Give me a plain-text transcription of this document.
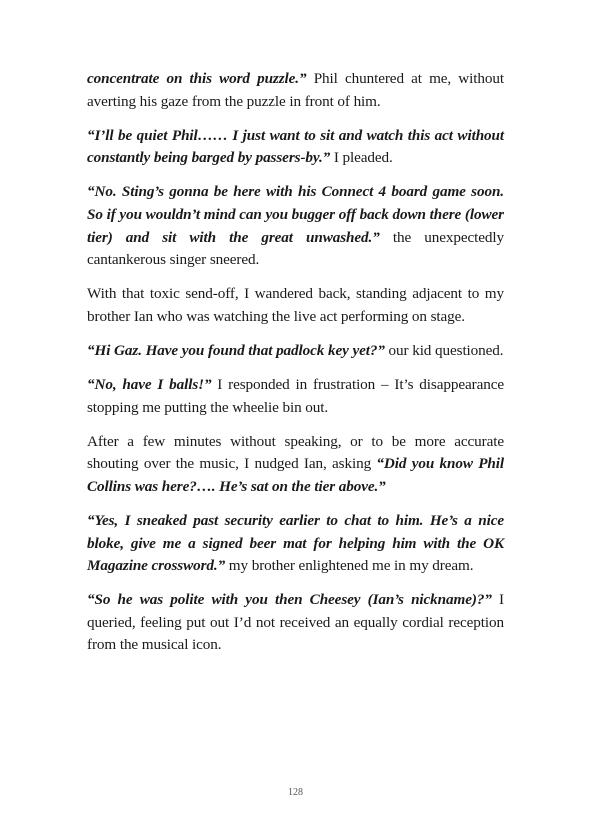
concentrate on this word puzzle.” Phil chuntered at me, without averting his gaze from the puzzle in front of him.

“I’ll be quiet Phil…… I just want to sit and watch this act without constantly being barged by passers-by.” I pleaded.

“No. Sting’s gonna be here with his Connect 4 board game soon. So if you wouldn’t mind can you bugger off back down there (lower tier) and sit with the great unwashed.” the unexpectedly cantankerous singer sneered.

With that toxic send-off, I wandered back, standing adjacent to my brother Ian who was watching the live act performing on stage.

“Hi Gaz. Have you found that padlock key yet?” our kid questioned.

“No, have I balls!” I responded in frustration – It’s disappearance stopping me putting the wheelie bin out.

After a few minutes without speaking, or to be more accurate shouting over the music, I nudged Ian, asking “Did you know Phil Collins was here?…. He’s sat on the tier above.”

“Yes, I sneaked past security earlier to chat to him. He’s a nice bloke, give me a signed beer mat for helping him with the OK Magazine crossword.” my brother enlightened me in my dream.

“So he was polite with you then Cheesey (Ian’s nickname)?” I queried, feeling put out I’d not received an equally cordial reception from the musical icon.

128
